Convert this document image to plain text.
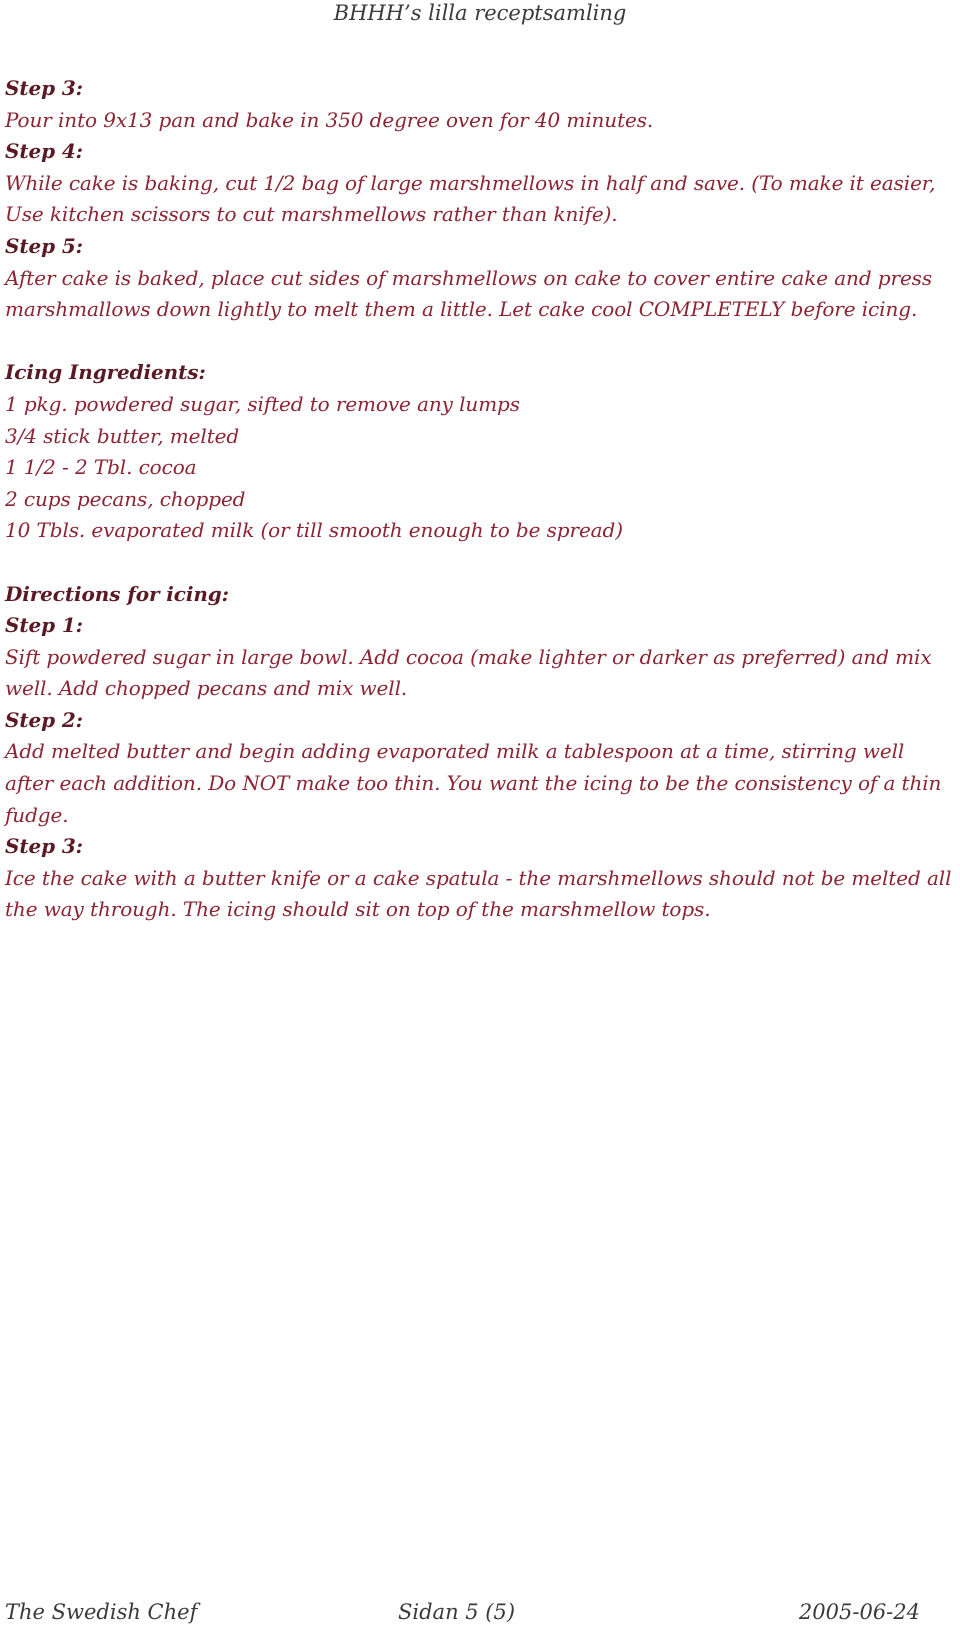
BHHH’s lilla receptsamling
Step 3:
Pour into 9x13 pan and bake in 350 degree oven for 40 minutes.
Step 4:
While cake is baking, cut 1/2 bag of large marshmellows in half and save. (To make it easier, Use kitchen scissors to cut marshmellows rather than knife).
Step 5:
After cake is baked, place cut sides of marshmellows on cake to cover entire cake and press marshmallows down lightly to melt them a little. Let cake cool COMPLETELY before icing.
Icing Ingredients:
1 pkg. powdered sugar, sifted to remove any lumps
3/4 stick butter, melted
1 1/2 - 2 Tbl. cocoa
2 cups pecans, chopped
10 Tbls. evaporated milk (or till smooth enough to be spread)
Directions for icing:
Step 1:
Sift powdered sugar in large bowl. Add cocoa (make lighter or darker as preferred) and mix well. Add chopped pecans and mix well.
Step 2:
Add melted butter and begin adding evaporated milk a tablespoon at a time, stirring well after each addition. Do NOT make too thin. You want the icing to be the consistency of a thin fudge.
Step 3:
Ice the cake with a butter knife or a cake spatula - the marshmellows should not be melted all the way through. The icing should sit on top of the marshmellow tops.
The Swedish Chef	Sidan 5 (5)	2005-06-24
